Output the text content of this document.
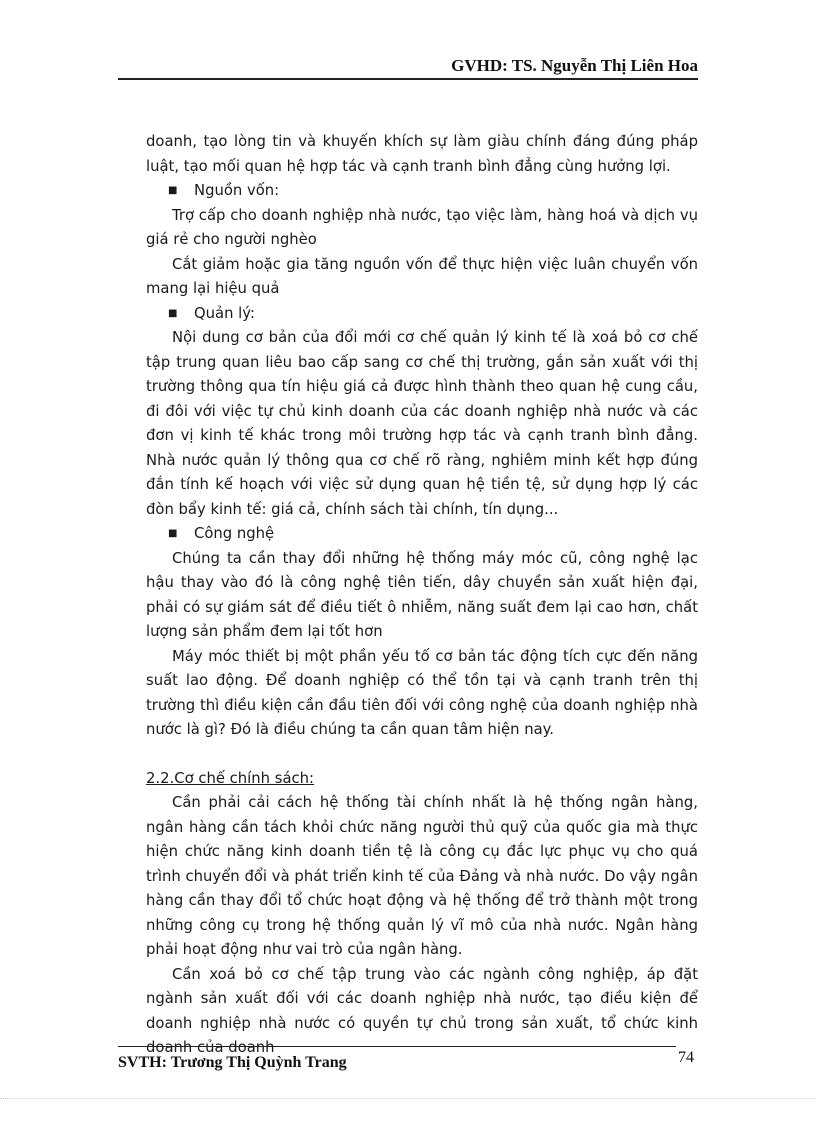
GVHD: TS. Nguyễn Thị Liên Hoa

doanh, tạo lòng tin và khuyến khích sự làm giàu chính đáng đúng pháp luật, tạo mối quan hệ hợp tác và cạnh tranh bình đẳng cùng hưởng lợi.

■ Nguồn vốn:

Trợ cấp cho doanh nghiệp nhà nước, tạo việc làm, hàng hoá và dịch vụ giá rẻ cho người nghèo

Cắt giảm hoặc gia tăng nguồn vốn để thực hiện việc luân chuyển vốn mang lại hiệu quả

■ Quản lý:

Nội dung cơ bản của đổi mới cơ chế quản lý kinh tế là xoá bỏ cơ chế tập trung quan liêu bao cấp sang cơ chế thị trường, gắn sản xuất với thị trường thông qua tín hiệu giá cả được hình thành theo quan hệ cung cầu, đi đôi với việc tự chủ kinh doanh của các doanh nghiệp nhà nước và các đơn vị kinh tế khác trong môi trường hợp tác và cạnh tranh bình đẳng. Nhà nước quản lý thông qua cơ chế rõ ràng, nghiêm minh kết hợp đúng đắn tính kế hoạch với việc sử dụng quan hệ tiền tệ, sử dụng hợp lý các đòn bẩy kinh tế: giá cả, chính sách tài chính, tín dụng...

■ Công nghệ

Chúng ta cần thay đổi những hệ thống máy móc cũ, công nghệ lạc hậu thay vào đó là công nghệ tiên tiến, dây chuyền sản xuất hiện đại, phải có sự giám sát để điều tiết ô nhiễm, năng suất đem lại cao hơn, chất lượng sản phẩm đem lại tốt hơn

Máy móc thiết bị một phần yếu tố cơ bản tác động tích cực đến năng suất lao động. Để doanh nghiệp có thể tồn tại và cạnh tranh trên thị trường thì điều kiện cần đầu tiên đối với công nghệ của doanh nghiệp nhà nước là gì? Đó là điều chúng ta cần quan tâm hiện nay.

2.2.Cơ chế chính sách:

Cần phải cải cách hệ thống tài chính nhất là hệ thống ngân hàng, ngân hàng cần tách khỏi chức năng người thủ quỹ của quốc gia mà thực hiện chức năng kinh doanh tiền tệ là công cụ đắc lực phục vụ cho quá trình chuyển đổi và phát triển kinh tế của Đảng và nhà nước. Do vậy ngân hàng cần thay đổi tổ chức hoạt động và hệ thống để trở thành một trong những công cụ trong hệ thống quản lý vĩ mô của nhà nước. Ngân hàng phải hoạt động như vai trò của ngân hàng.

Cần xoá bỏ cơ chế tập trung vào các ngành công nghiệp, áp đặt ngành sản xuất đối với các doanh nghiệp nhà nước, tạo điều kiện để doanh nghiệp nhà nước có quyền tự chủ trong sản xuất, tổ chức kinh doanh của doanh

SVTH: Trương Thị Quỳnh Trang	74
